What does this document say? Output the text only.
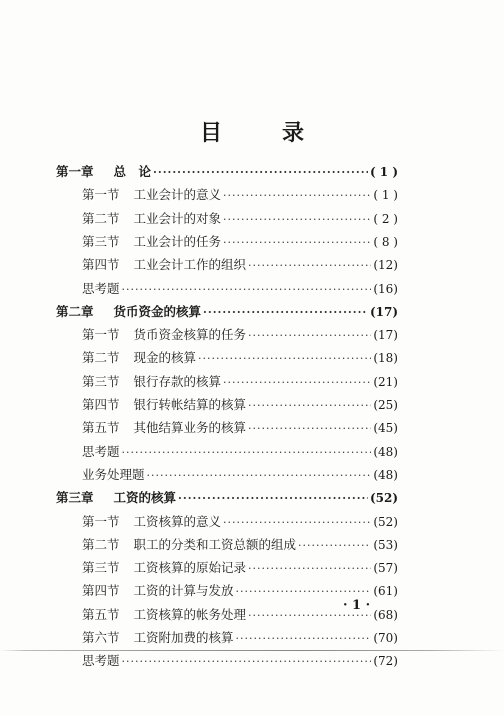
目	录
第一章 总　论 ·····	( 1 )
第一节 工业会计的意义 ·····	( 1 )
第二节 工业会计的对象 ·····	( 2 )
第三节 工业会计的任务 ·····	( 8 )
第四节 工业会计工作的组织 ·····	(12)
思考题 ·····	(16)
第二章 货币资金的核算 ·····	(17)
第一节 货币资金核算的任务 ·····	(17)
第二节 现金的核算 ·····	(18)
第三节 银行存款的核算 ·····	(21)
第四节 银行转帐结算的核算 ·····	(25)
第五节 其他结算业务的核算 ·····	(45)
思考题 ·····	(48)
业务处理题 ·····	(48)
第三章 工资的核算 ·····	(52)
第一节 工资核算的意义 ·····	(52)
第二节 职工的分类和工资总额的组成 ·····	(53)
第三节 工资核算的原始记录 ·····	(57)
第四节 工资的计算与发放 ·····	(61)
第五节 工资核算的帐务处理 ·····	(68)
第六节 工资附加费的核算 ·····	(70)
思考题 ·····	(72)
· 1 ·
